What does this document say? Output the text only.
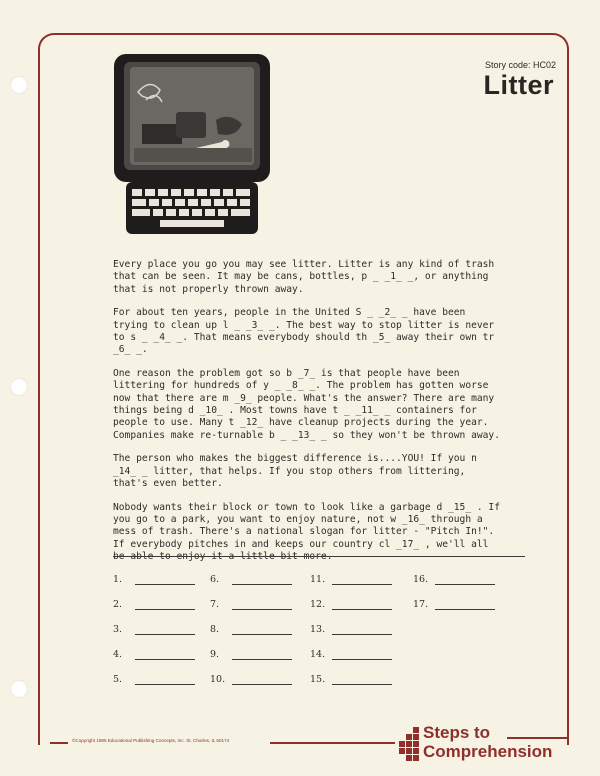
Story code: HC02
Litter

Every place you go you may see litter. Litter is any kind of trash that can be seen. It may be cans, bottles, p _ _1_ _, or anything that is not properly thrown away.

For about ten years, people in the United S _ _2_ _ have been trying to clean up l _ _3_ _. The best way to stop litter is never to s _ _4_ _. That means everybody should th _5_ away their own tr _6_ _.

One reason the problem got so b _7_ is that people have been littering for hundreds of y _ _8_ _. The problem has gotten worse now that there are m _9_ people. What's the answer? There are many things being d _10_ . Most towns have t _ _11_ _ containers for people to use. Many t _12_ have cleanup projects during the year. Companies make re-turnable b _ _13_ _ so they won't be thrown away.

The person who makes the biggest difference is....YOU! If you n _14_ _ litter, that helps. If you stop others from littering, that's even better.

Nobody wants their block or town to look like a garbage d _15_ . If you go to a park, you want to enjoy nature, not w _16_ through a mess of trash. There's a national slogan for litter - "Pitch In!". If everybody pitches in and keeps our country cl _17_ , we'll all be able to enjoy it a little bit more.

1.
2.
3.
4.
5.
6.
7.
8.
9.
10.
11.
12.
13.
14.
15.
16.
17.
©Copyright 1986 Educational Publishing Concepts, Inc. St. Charles, IL 60174	Steps to
Comprehension
